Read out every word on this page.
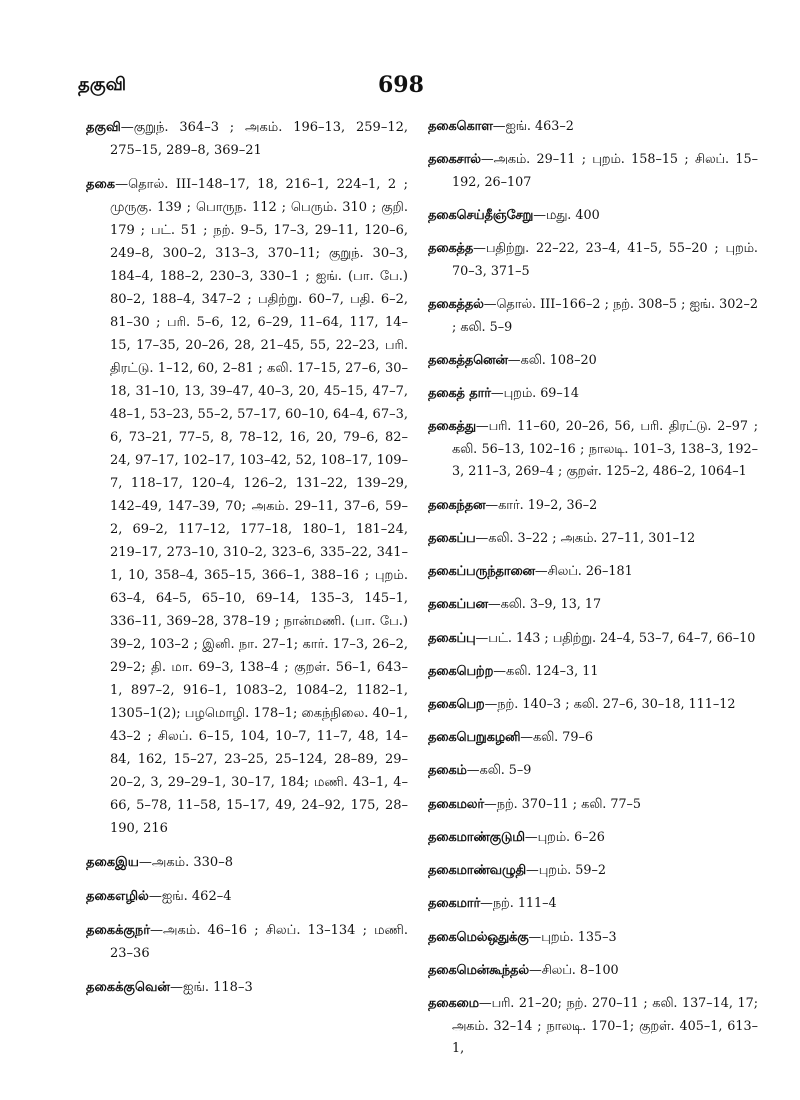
தகுவி	698
தகுவி—குறுந். 364–3 ; அகம். 196–13, 259–12, 275–15, 289–8, 369–21
தகை—தொல். III–148–17, 18, 216–1, 224–1, 2 ; முருகு. 139 ; பொருந. 112 ; பெரும். 310 ; குறி. 179 ; பட். 51 ; நற். 9–5, 17–3, 29–11, 120–6, 249–8, 300–2, 313–3, 370–11; குறுந். 30–3, 184–4, 188–2, 230–3, 330–1 ; ஐங். (பா. பே.) 80–2, 188–4, 347–2 ; பதிற்று. 60–7, பதி. 6–2, 81–30 ; பரி. 5–6, 12, 6–29, 11–64, 117, 14–15, 17–35, 20–26, 28, 21–45, 55, 22–23, பரி. திரட்டு. 1–12, 60, 2–81 ; கலி. 17–15, 27–6, 30–18, 31–10, 13, 39–47, 40–3, 20, 45–15, 47–7, 48–1, 53–23, 55–2, 57–17, 60–10, 64–4, 67–3, 6, 73–21, 77–5, 8, 78–12, 16, 20, 79–6, 82–24, 97–17, 102–17, 103–42, 52, 108–17, 109–7, 118–17, 120–4, 126–2, 131–22, 139–29, 142–49, 147–39, 70; அகம். 29–11, 37–6, 59–2, 69–2, 117–12, 177–18, 180–1, 181–24, 219–17, 273–10, 310–2, 323–6, 335–22, 341–1, 10, 358–4, 365–15, 366–1, 388–16 ; புறம். 63–4, 64–5, 65–10, 69–14, 135–3, 145–1, 336–11, 369–28, 378–19 ; நான்மணி. (பா. பே.) 39–2, 103–2 ; இனி. நா. 27–1; கார். 17–3, 26–2, 29–2; தி. மா. 69–3, 138–4 ; குறள். 56–1, 643–1, 897–2, 916–1, 1083–2, 1084–2, 1182–1, 1305–1(2); பழமொழி. 178–1; கைந்நிலை. 40–1, 43–2 ; சிலப். 6–15, 104, 10–7, 11–7, 48, 14–84, 162, 15–27, 23–25, 25–124, 28–89, 29–20–2, 3, 29–29–1, 30–17, 184; மணி. 43–1, 4–66, 5–78, 11–58, 15–17, 49, 24–92, 175, 28–190, 216
தகைஇய—அகம். 330–8
தகைஎழில்—ஐங். 462–4
தகைக்குநர்—அகம். 46–16 ; சிலப். 13–134 ; மணி. 23–36
தகைக்குவென்—ஐங். 118–3
தகைகொள—ஐங். 463–2
தகைசால்—அகம். 29–11 ; புறம். 158–15 ; சிலப். 15–192, 26–107
தகைசெய்தீஞ்சேறு—மது. 400
தகைத்த—பதிற்று. 22–22, 23–4, 41–5, 55–20 ; புறம். 70–3, 371–5
தகைத்தல்—தொல். III–166–2 ; நற். 308–5 ; ஐங். 302–2 ; கலி. 5–9
தகைத்தனென்—கலி. 108–20
தகைத் தார்—புறம். 69–14
தகைத்து—பரி. 11–60, 20–26, 56, பரி. திரட்டு. 2–97 ; கலி. 56–13, 102–16 ; நாலடி. 101–3, 138–3, 192–3, 211–3, 269–4 ; குறள். 125–2, 486–2, 1064–1
தகைந்தன—கார். 19–2, 36–2
தகைப்ப—கலி. 3–22 ; அகம். 27–11, 301–12
தகைப்பருந்தானை—சிலப். 26–181
தகைப்பன—கலி. 3–9, 13, 17
தகைப்பு—பட். 143 ; பதிற்று. 24–4, 53–7, 64–7, 66–10
தகைபெற்ற—கலி. 124–3, 11
தகைபெற—நற். 140–3 ; கலி. 27–6, 30–18, 111–12
தகைபெறுகழனி—கலி. 79–6
தகைம்—கலி. 5–9
தகைமலர்—நற். 370–11 ; கலி. 77–5
தகைமாண்குடுமி—புறம். 6–26
தகைமாண்வழுதி—புறம். 59–2
தகைமார்—நற். 111–4
தகைமெல்ஒதுக்கு—புறம். 135–3
தகைமென்கூந்தல்—சிலப். 8–100
தகைமை—பரி. 21–20; நற். 270–11 ; கலி. 137–14, 17; அகம். 32–14 ; நாலடி. 170–1; குறள். 405–1, 613–1,
